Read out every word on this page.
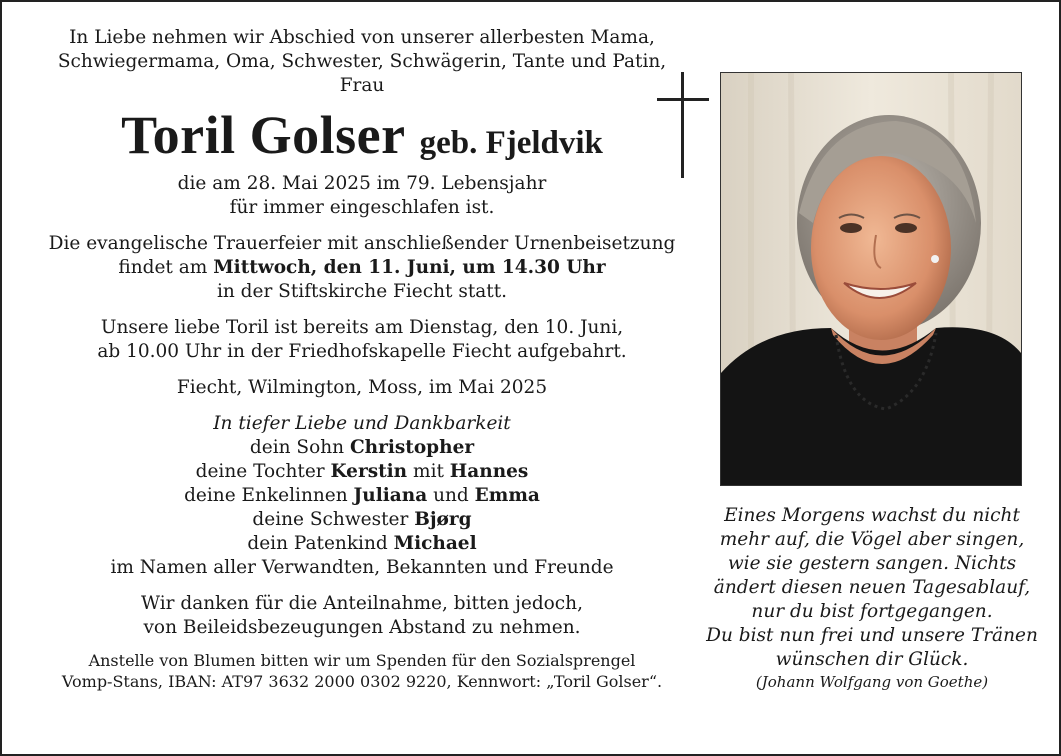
In Liebe nehmen wir Abschied von unserer allerbesten Mama,

Schwiegermama, Oma, Schwester, Schwägerin, Tante und Patin,

Frau

Toril Golser geb. Fjeldvik

die am 28. Mai 2025 im 79. Lebensjahr

für immer eingeschlafen ist.

Die evangelische Trauerfeier mit anschließender Urnenbeisetzung

findet am Mittwoch, den 11. Juni, um 14.30 Uhr

in der Stiftskirche Fiecht statt.

Unsere liebe Toril ist bereits am Dienstag, den 10. Juni,

ab 10.00 Uhr in der Friedhofskapelle Fiecht aufgebahrt.

Fiecht, Wilmington, Moss, im Mai 2025

In tiefer Liebe und Dankbarkeit

dein Sohn Christopher

deine Tochter Kerstin mit Hannes

deine Enkelinnen Juliana und Emma

deine Schwester Bjørg

dein Patenkind Michael

im Namen aller Verwandten, Bekannten und Freunde

Wir danken für die Anteilnahme, bitten jedoch,

von Beileidsbezeugungen Abstand zu nehmen.

Anstelle von Blumen bitten wir um Spenden für den Sozialsprengel

Vomp-Stans, IBAN: AT97 3632 2000 0302 9220, Kennwort: „Toril Golser“.

Eines Morgens wachst du nicht

mehr auf, die Vögel aber singen,

wie sie gestern sangen. Nichts

ändert diesen neuen Tagesablauf,

nur du bist fortgegangen.

Du bist nun frei und unsere Tränen

wünschen dir Glück.

(Johann Wolfgang von Goethe)
